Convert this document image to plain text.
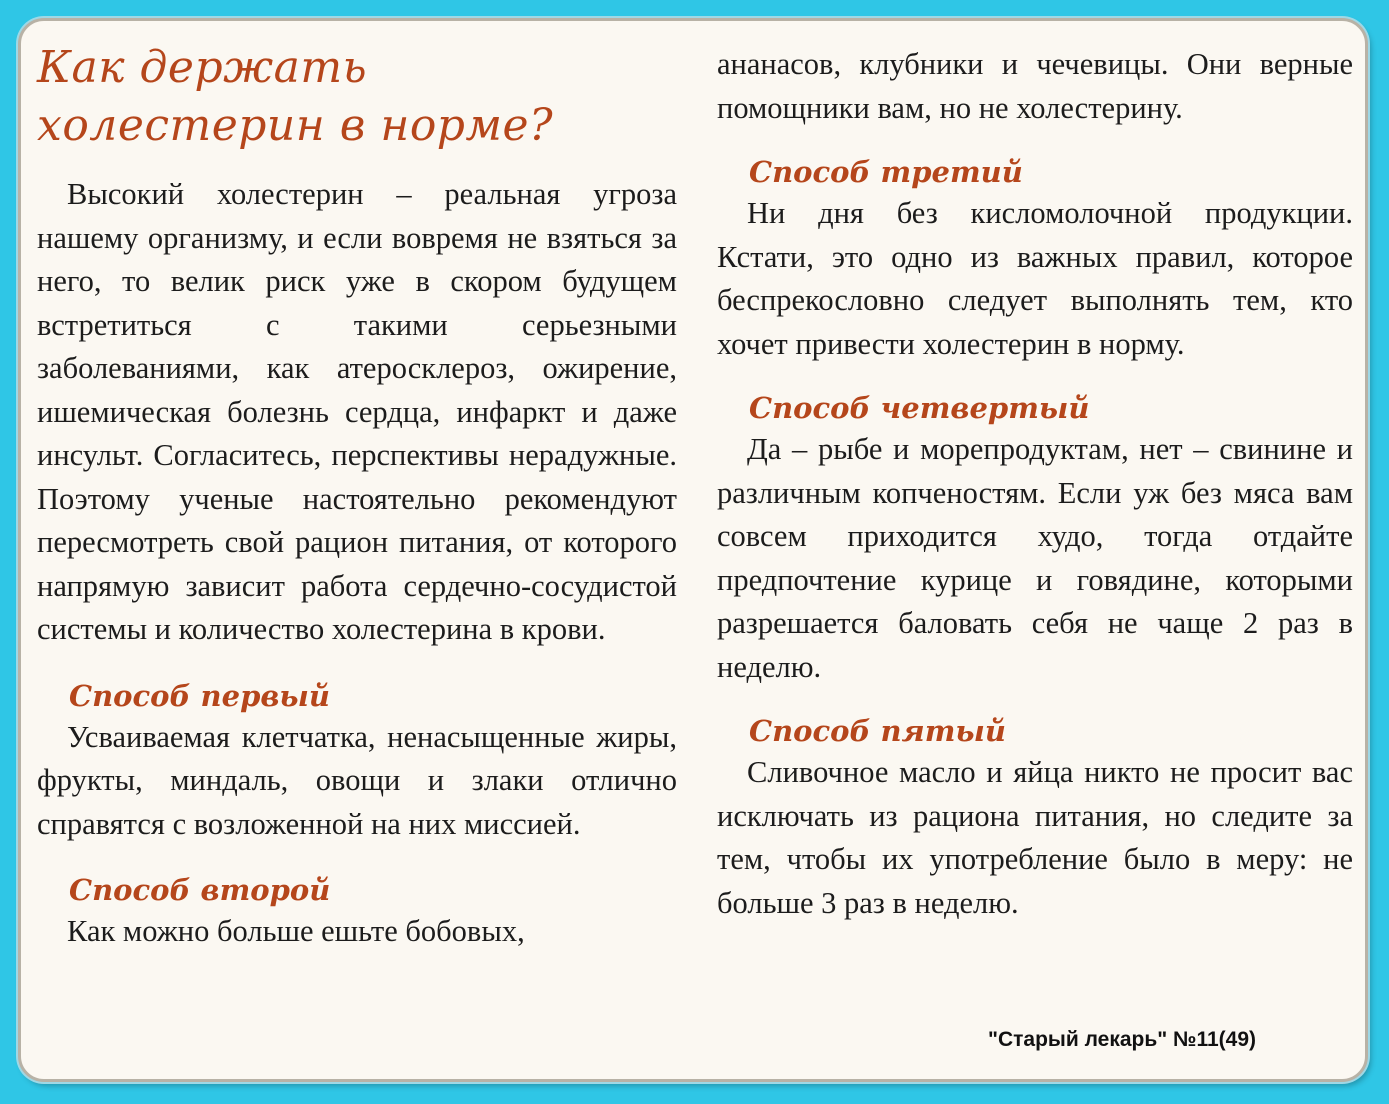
Как держать
холестерин в норме?

Высокий холестерин – реальная угроза нашему организму, и если вовремя не взяться за него, то велик риск уже в скором будущем встретиться с такими серьезными заболеваниями, как атеросклероз, ожирение, ишемическая болезнь сердца, инфаркт и даже инсульт. Согласитесь, перспективы нерадужные. Поэтому ученые настоятельно рекомендуют пересмотреть свой рацион питания, от которого напрямую зависит работа сердечно-сосудистой системы и количество холестерина в крови.

Способ первый

Усваиваемая клетчатка, ненасыщенные жиры, фрукты, миндаль, овощи и злаки отлично справятся с возложенной на них миссией.

Способ второй

Как можно больше ешьте бобовых,

ананасов, клубники и чечевицы. Они верные помощники вам, но не холестерину.

Способ третий

Ни дня без кисломолочной продукции. Кстати, это одно из важных правил, которое беспрекословно следует выполнять тем, кто хочет привести холестерин в норму.

Способ четвертый

Да – рыбе и морепродуктам, нет – свинине и различным копченостям. Если уж без мяса вам совсем приходится худо, тогда отдайте предпочтение курице и говядине, которыми разрешается баловать себя не чаще 2 раз в неделю.

Способ пятый

Сливочное масло и яйца никто не просит вас исключать из рациона питания, но следите за тем, чтобы их употребление было в меру: не больше 3 раз в неделю.

"Старый лекарь" №11(49)
